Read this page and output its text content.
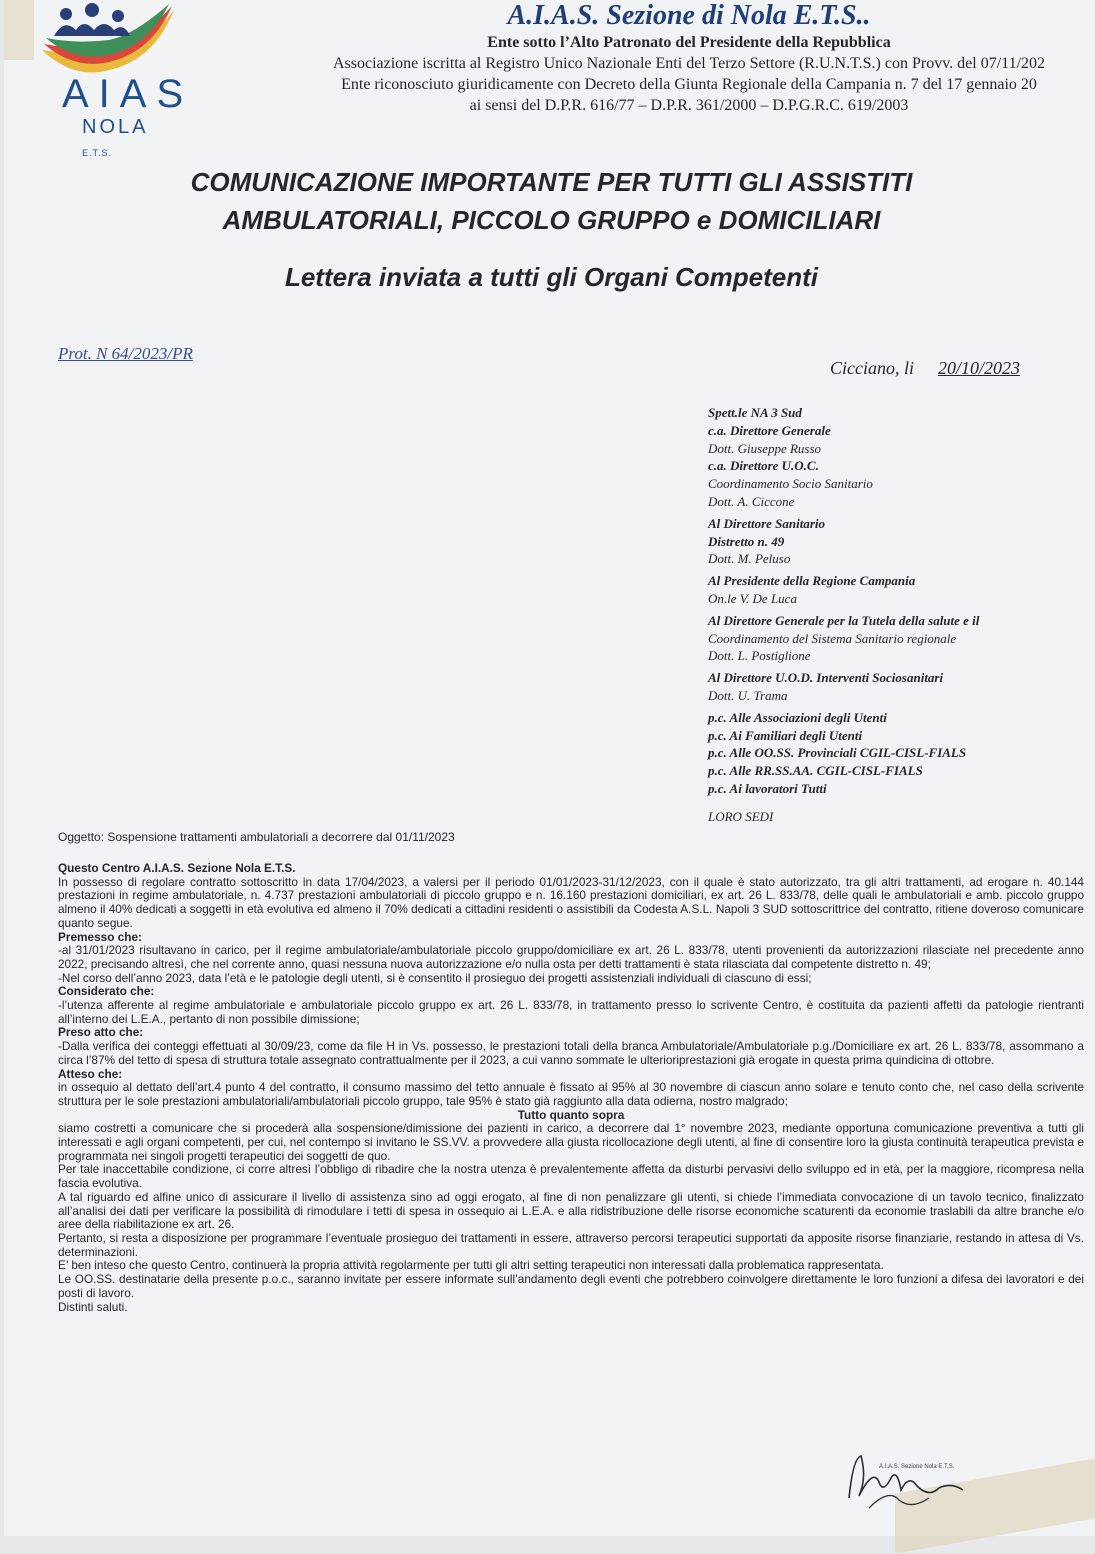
AIAS
NOLA E.T.S.
A.I.A.S. Sezione di Nola E.T.S..
Ente sotto l’Alto Patronato del Presidente della Repubblica
Associazione iscritta al Registro Unico Nazionale Enti del Terzo Settore (R.U.N.T.S.) con Provv. del 07/11/202
Ente riconosciuto giuridicamente con Decreto della Giunta Regionale della Campania n. 7 del 17 gennaio 20
ai sensi del D.P.R. 616/77 – D.P.R. 361/2000 – D.P.G.R.C. 619/2003
COMUNICAZIONE IMPORTANTE PER TUTTI GLI ASSISTITI
AMBULATORIALI, PICCOLO GRUPPO e DOMICILIARI
Lettera inviata a tutti gli Organi Competenti
Prot. N 64/2023/PR
Cicciano, li 20/10/2023
Spett.le NA 3 Sud
c.a. Direttore Generale
Dott. Giuseppe Russo
c.a. Direttore U.O.C.
Coordinamento Socio Sanitario
Dott. A. Ciccone
Al Direttore Sanitario
Distretto n. 49
Dott. M. Peluso
Al Presidente della Regione Campania
On.le V. De Luca
Al Direttore Generale per la Tutela della salute e il
Coordinamento del Sistema Sanitario regionale
Dott. L. Postiglione
Al Direttore U.O.D. Interventi Sociosanitari
Dott. U. Trama
p.c. Alle Associazioni degli Utenti
p.c. Ai Familiari degli Utenti
p.c. Alle OO.SS. Provinciali CGIL-CISL-FIALS
p.c. Alle RR.SS.AA. CGIL-CISL-FIALS
p.c. Ai lavoratori Tutti
LORO SEDI
Oggetto: Sospensione trattamenti ambulatoriali a decorrere dal 01/11/2023

Questo Centro A.I.A.S. Sezione Nola E.T.S.

In possesso di regolare contratto sottoscritto in data 17/04/2023, a valersi per il periodo 01/01/2023-31/12/2023, con il quale è stato autorizzato, tra gli altri trattamenti, ad erogare n. 40.144 prestazioni in regime ambulatoriale, n. 4.737 prestazioni ambulatoriali di piccolo gruppo e n. 16.160 prestazioni domiciliari, ex art. 26 L. 833/78, delle quali le ambulatoriali e amb. piccolo gruppo almeno il 40% dedicati a soggetti in età evolutiva ed almeno il 70% dedicati a cittadini residenti o assistibili da Codesta A.S.L. Napoli 3 SUD sottoscrittrice del contratto, ritiene doveroso comunicare quanto segue.

Premesso che:

-al 31/01/2023 risultavano in carico, per il regime ambulatoriale/ambulatoriale piccolo gruppo/domiciliare ex art. 26 L. 833/78, utenti provenienti da autorizzazioni rilasciate nel precedente anno 2022, precisando altresì, che nel corrente anno, quasi nessuna nuova autorizzazione e/o nulla osta per detti trattamenti è stata rilasciata dal competente distretto n. 49;

-Nel corso dell’anno 2023, data l’età e le patologie degli utenti, si è consentito il prosieguo dei progetti assistenziali individuali di ciascuno di essi;

Considerato che:

-l’utenza afferente al regime ambulatoriale e ambulatoriale piccolo gruppo ex art. 26 L. 833/78, in trattamento presso lo scrivente Centro, è costituita da pazienti affetti da patologie rientranti all’interno dei L.E.A., pertanto di non possibile dimissione;

Preso atto che:

-Dalla verifica dei conteggi effettuati al 30/09/23, come da file H in Vs. possesso, le prestazioni totali della branca Ambulatoriale/Ambulatoriale p.g./Domiciliare ex art. 26 L. 833/78, assommano a circa l’87% del tetto di spesa di struttura totale assegnato contrattualmente per il 2023, a cui vanno sommate le ulterioriprestazioni già erogate in questa prima quindicina di ottobre.

Atteso che:

in ossequio al dettato dell’art.4 punto 4 del contratto, il consumo massimo del tetto annuale è fissato al 95% al 30 novembre di ciascun anno solare e tenuto conto che, nel caso della scrivente struttura per le sole prestazioni ambulatoriali/ambulatoriali piccolo gruppo, tale 95% è stato già raggiunto alla data odierna, nostro malgrado;

Tutto quanto sopra

siamo costretti a comunicare che si procederà alla sospensione/dimissione dei pazienti in carico, a decorrere dal 1° novembre 2023, mediante opportuna comunicazione preventiva a tutti gli interessati e agli organi competenti, per cui, nel contempo si invitano le SS.VV. a provvedere alla giusta ricollocazione degli utenti, al fine di consentire loro la giusta continuità terapeutica prevista e programmata nei singoli progetti terapeutici dei soggetti de quo.

Per tale inaccettabile condizione, ci corre altresì l’obbligo di ribadire che la nostra utenza è prevalentemente affetta da disturbi pervasivi dello sviluppo ed in età, per la maggiore, ricompresa nella fascia evolutiva.

A tal riguardo ed alfine unico di assicurare il livello di assistenza sino ad oggi erogato, al fine di non penalizzare gli utenti, si chiede l’immediata convocazione di un tavolo tecnico, finalizzato all’analisi dei dati per verificare la possibilità di rimodulare i tetti di spesa in ossequio ai L.E.A. e alla ridistribuzione delle risorse economiche scaturenti da economie traslabili da altre branche e/o aree della riabilitazione ex art. 26.

Pertanto, si resta a disposizione per programmare l’eventuale prosieguo dei trattamenti in essere, attraverso percorsi terapeutici supportati da apposite risorse finanziarie, restando in attesa di Vs. determinazioni.

E’ ben inteso che questo Centro, continuerà la propria attività regolarmente per tutti gli altri setting terapeutici non interessati dalla problematica rappresentata.

Le OO.SS. destinatarie della presente p.o.c., saranno invitate per essere informate sull’andamento degli eventi che potrebbero coinvolgere direttamente le loro funzioni a difesa dei lavoratori e dei posti di lavoro.

Distinti saluti.

A.I.A.S. Sezione Nola E.T.S.
